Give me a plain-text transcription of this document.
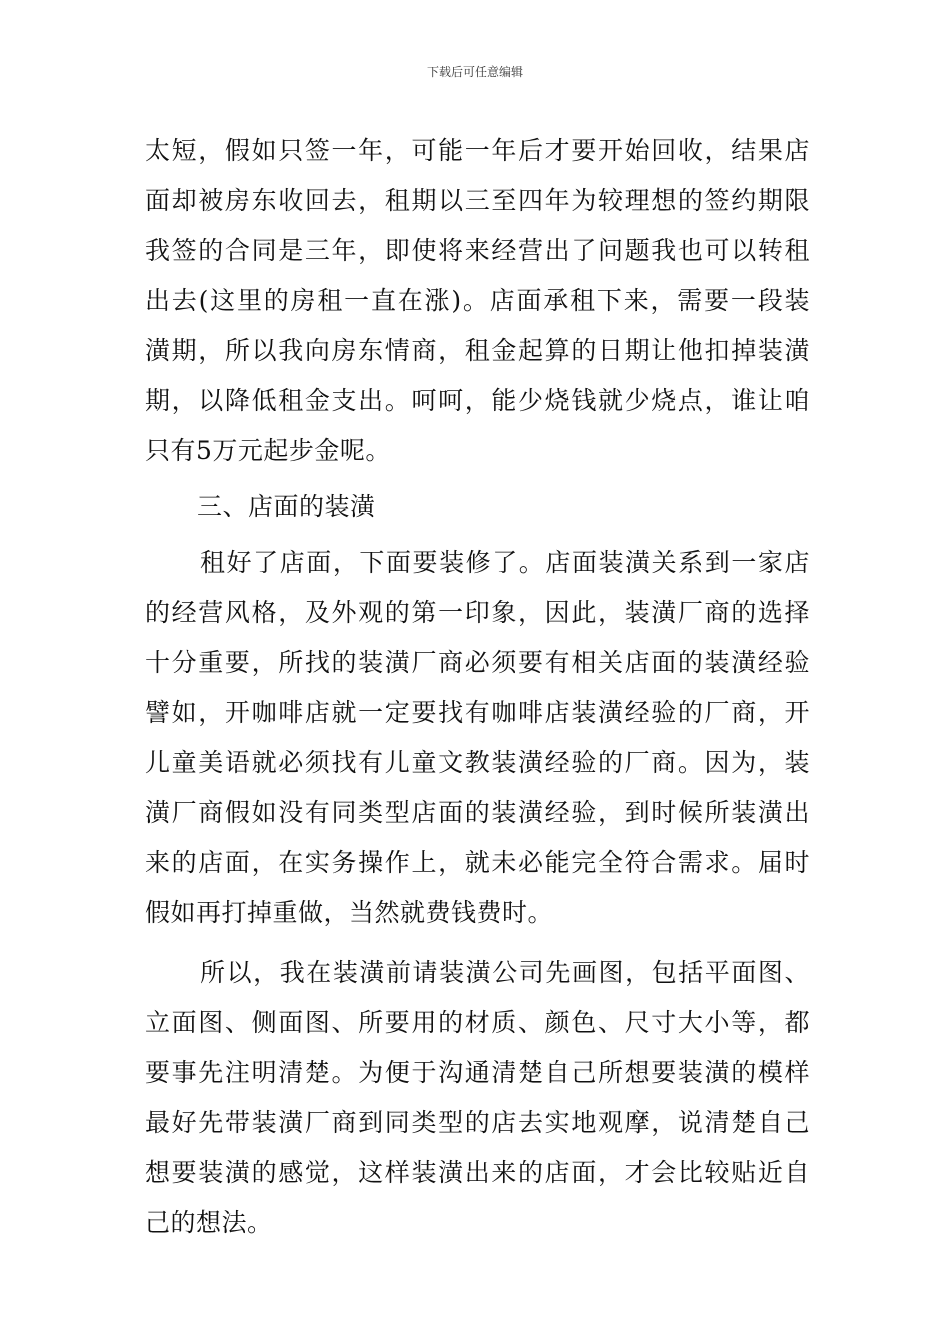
下载后可任意编辑
太短，假如只签一年，可能一年后才要开始回收，结果店
面却被房东收回去，租期以三至四年为较理想的签约期限
我签的合同是三年，即使将来经营出了问题我也可以转租
出去(这里的房租一直在涨)。店面承租下来，需要一段装
潢期，所以我向房东情商，租金起算的日期让他扣掉装潢
期，以降低租金支出。呵呵，能少烧钱就少烧点，谁让咱
只有5万元起步金呢。
三、店面的装潢
租好了店面，下面要装修了。店面装潢关系到一家店
的经营风格，及外观的第一印象，因此，装潢厂商的选择
十分重要，所找的装潢厂商必须要有相关店面的装潢经验
譬如，开咖啡店就一定要找有咖啡店装潢经验的厂商，开
儿童美语就必须找有儿童文教装潢经验的厂商。因为，装
潢厂商假如没有同类型店面的装潢经验，到时候所装潢出
来的店面，在实务操作上，就未必能完全符合需求。届时
假如再打掉重做，当然就费钱费时。
所以，我在装潢前请装潢公司先画图，包括平面图、
立面图、侧面图、所要用的材质、颜色、尺寸大小等，都
要事先注明清楚。为便于沟通清楚自己所想要装潢的模样
最好先带装潢厂商到同类型的店去实地观摩，说清楚自己
想要装潢的感觉，这样装潢出来的店面，才会比较贴近自
己的想法。
